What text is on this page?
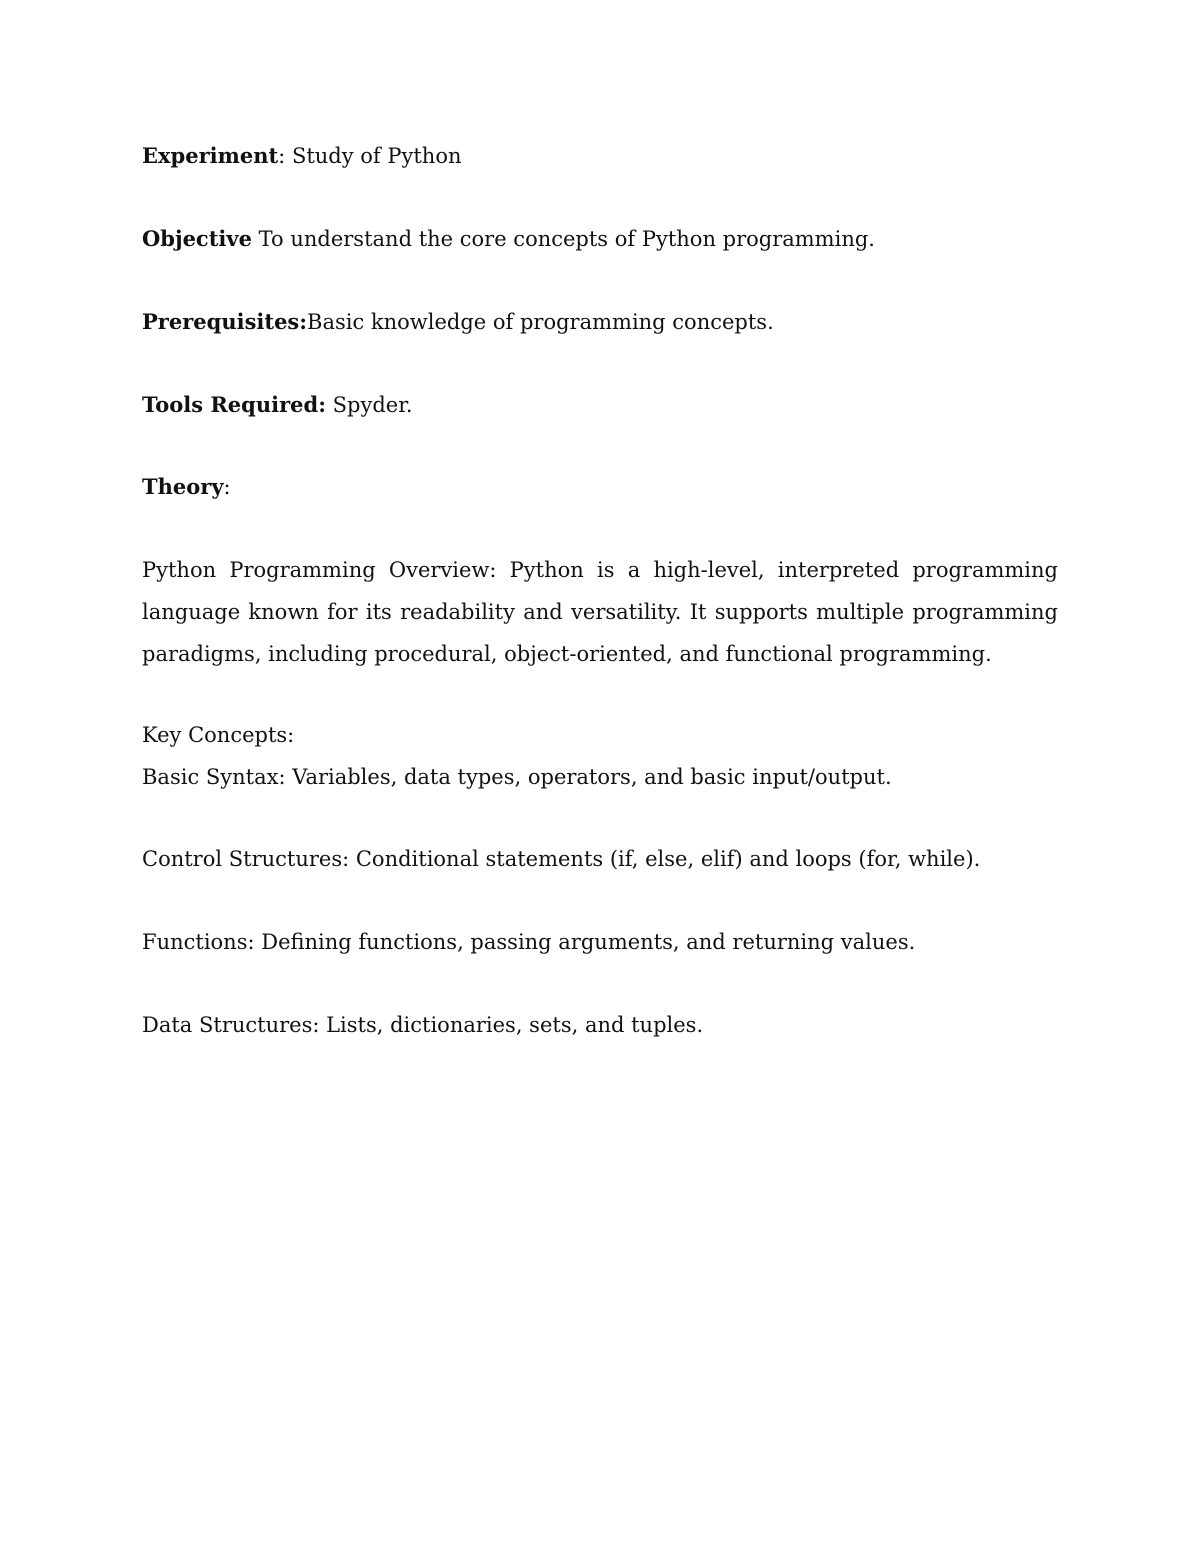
Experiment: Study of Python
Objective To understand the core concepts of Python programming.
Prerequisites:Basic knowledge of programming concepts.
Tools Required: Spyder.
Theory:
Python Programming Overview: Python is a high-level, interpreted programming language known for its readability and versatility. It supports multiple programming paradigms, including procedural, object-oriented, and functional programming.
Key Concepts:
Basic Syntax: Variables, data types, operators, and basic input/output.
Control Structures: Conditional statements (if, else, elif) and loops (for, while).
Functions: Defining functions, passing arguments, and returning values.
Data Structures: Lists, dictionaries, sets, and tuples.
